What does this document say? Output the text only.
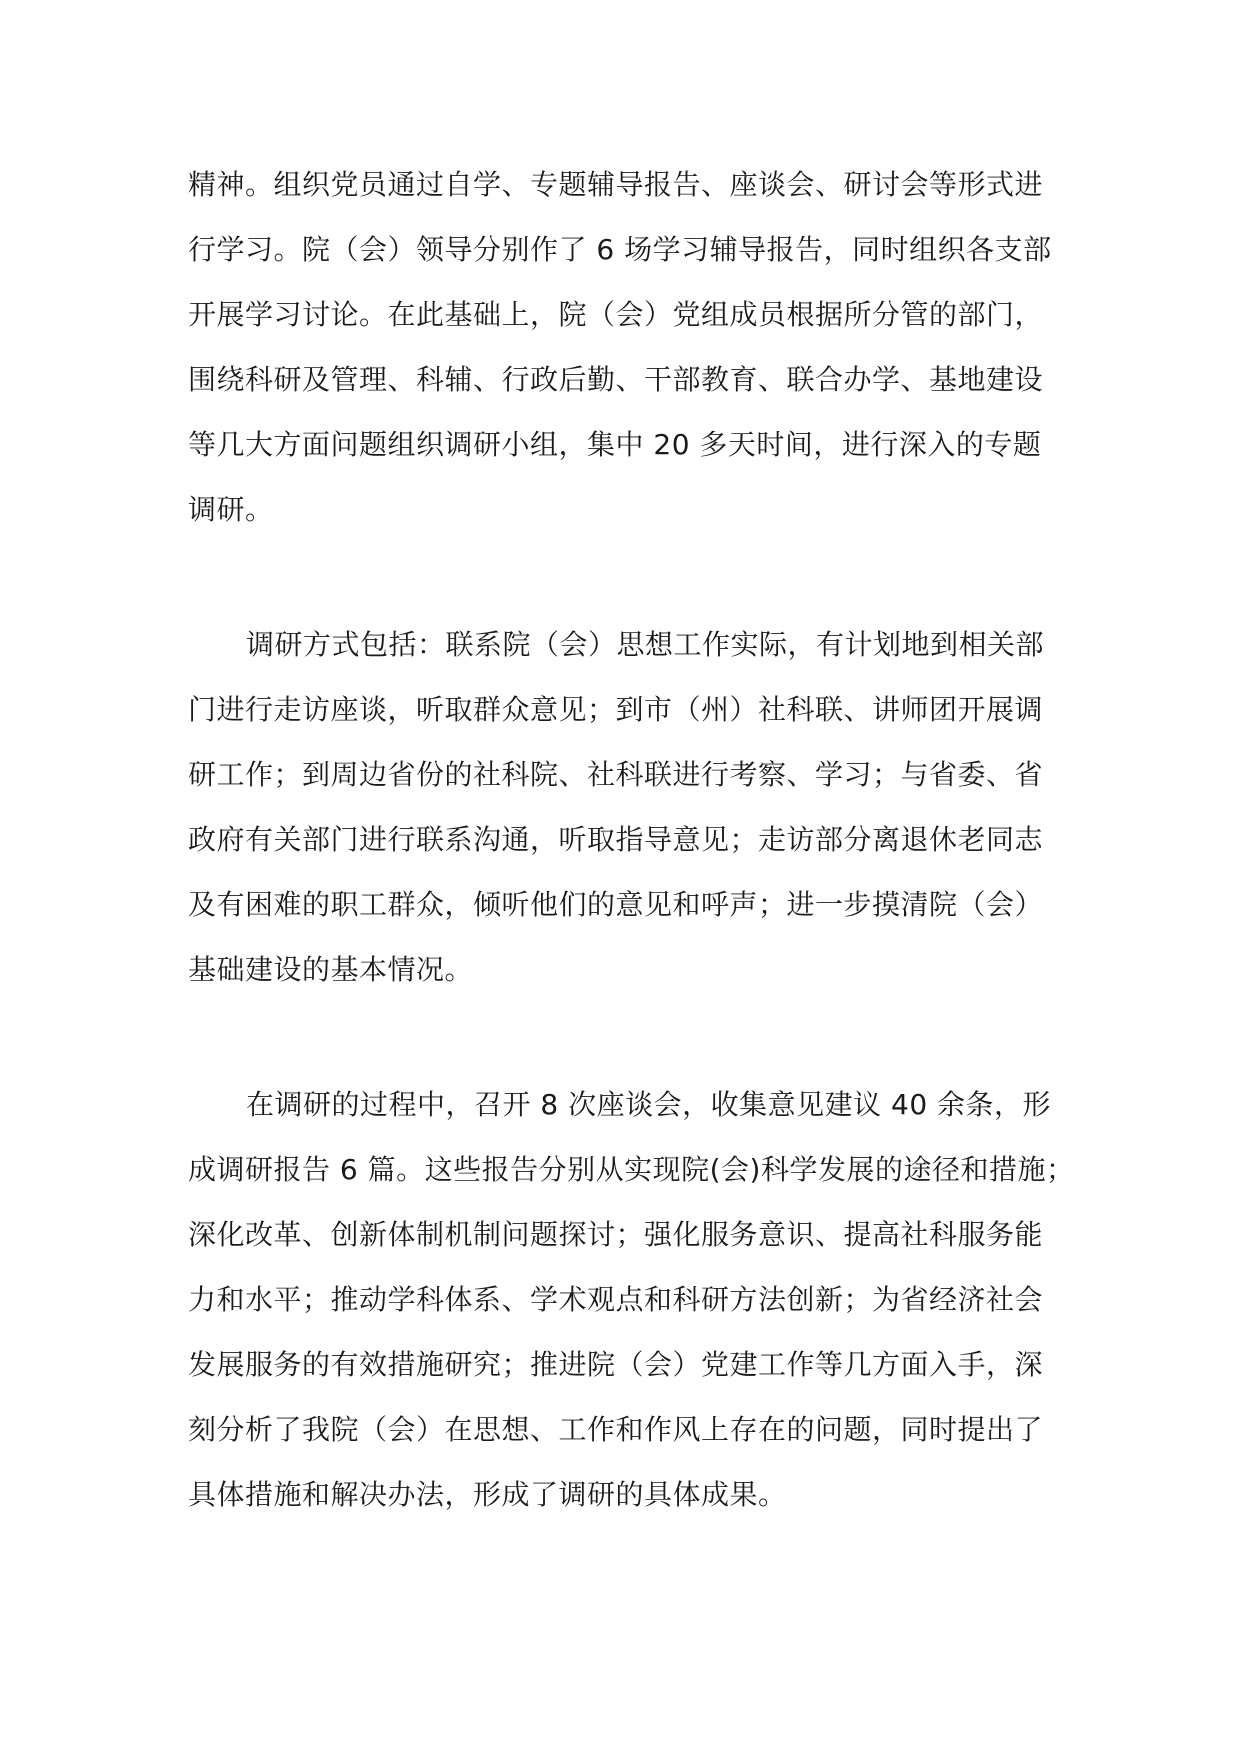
精神。组织党员通过自学、专题辅导报告、座谈会、研讨会等形式进
行学习。院（会）领导分别作了 6 场学习辅导报告，同时组织各支部
开展学习讨论。在此基础上，院（会）党组成员根据所分管的部门，
围绕科研及管理、科辅、行政后勤、干部教育、联合办学、基地建设
等几大方面问题组织调研小组，集中 20 多天时间，进行深入的专题
调研。
调研方式包括：联系院（会）思想工作实际，有计划地到相关部
门进行走访座谈，听取群众意见；到市（州）社科联、讲师团开展调
研工作；到周边省份的社科院、社科联进行考察、学习；与省委、省
政府有关部门进行联系沟通，听取指导意见；走访部分离退休老同志
及有困难的职工群众，倾听他们的意见和呼声；进一步摸清院（会）
基础建设的基本情况。
在调研的过程中，召开 8 次座谈会，收集意见建议 40 余条，形
成调研报告 6 篇。这些报告分别从实现院(会)科学发展的途径和措施；
深化改革、创新体制机制问题探讨；强化服务意识、提高社科服务能
力和水平；推动学科体系、学术观点和科研方法创新；为省经济社会
发展服务的有效措施研究；推进院（会）党建工作等几方面入手，深
刻分析了我院（会）在思想、工作和作风上存在的问题，同时提出了
具体措施和解决办法，形成了调研的具体成果。
